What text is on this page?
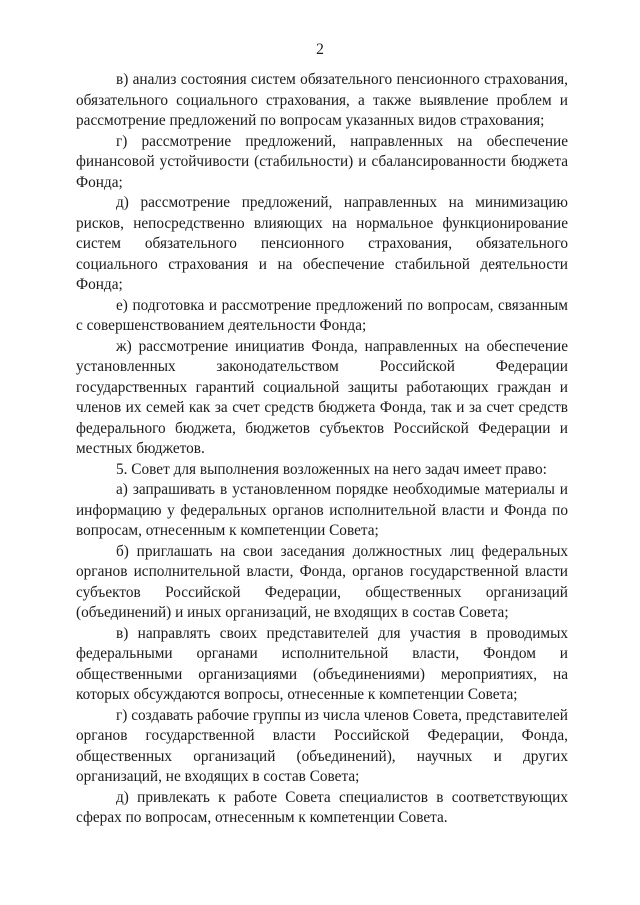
2

в) анализ состояния систем обязательного пенсионного страхования, обязательного социального страхования, а также выявление проблем и рассмотрение предложений по вопросам указанных видов страхования;

г) рассмотрение предложений, направленных на обеспечение финансовой устойчивости (стабильности) и сбалансированности бюджета Фонда;

д) рассмотрение предложений, направленных на минимизацию рисков, непосредственно влияющих на нормальное функционирование систем обязательного пенсионного страхования, обязательного социального страхования и на обеспечение стабильной деятельности Фонда;

е) подготовка и рассмотрение предложений по вопросам, связанным с совершенствованием деятельности Фонда;

ж) рассмотрение инициатив Фонда, направленных на обеспечение установленных законодательством Российской Федерации государственных гарантий социальной защиты работающих граждан и членов их семей как за счет средств бюджета Фонда, так и за счет средств федерального бюджета, бюджетов субъектов Российской Федерации и местных бюджетов.

5. Совет для выполнения возложенных на него задач имеет право:

а) запрашивать в установленном порядке необходимые материалы и информацию у федеральных органов исполнительной власти и Фонда по вопросам, отнесенным к компетенции Совета;

б) приглашать на свои заседания должностных лиц федеральных органов исполнительной власти, Фонда, органов государственной власти субъектов Российской Федерации, общественных организаций (объединений) и иных организаций, не входящих в состав Совета;

в) направлять своих представителей для участия в проводимых федеральными органами исполнительной власти, Фондом и общественными организациями (объединениями) мероприятиях, на которых обсуждаются вопросы, отнесенные к компетенции Совета;

г) создавать рабочие группы из числа членов Совета, представителей органов государственной власти Российской Федерации, Фонда, общественных организаций (объединений), научных и других организаций, не входящих в состав Совета;

д) привлекать к работе Совета специалистов в соответствующих сферах по вопросам, отнесенным к компетенции Совета.
